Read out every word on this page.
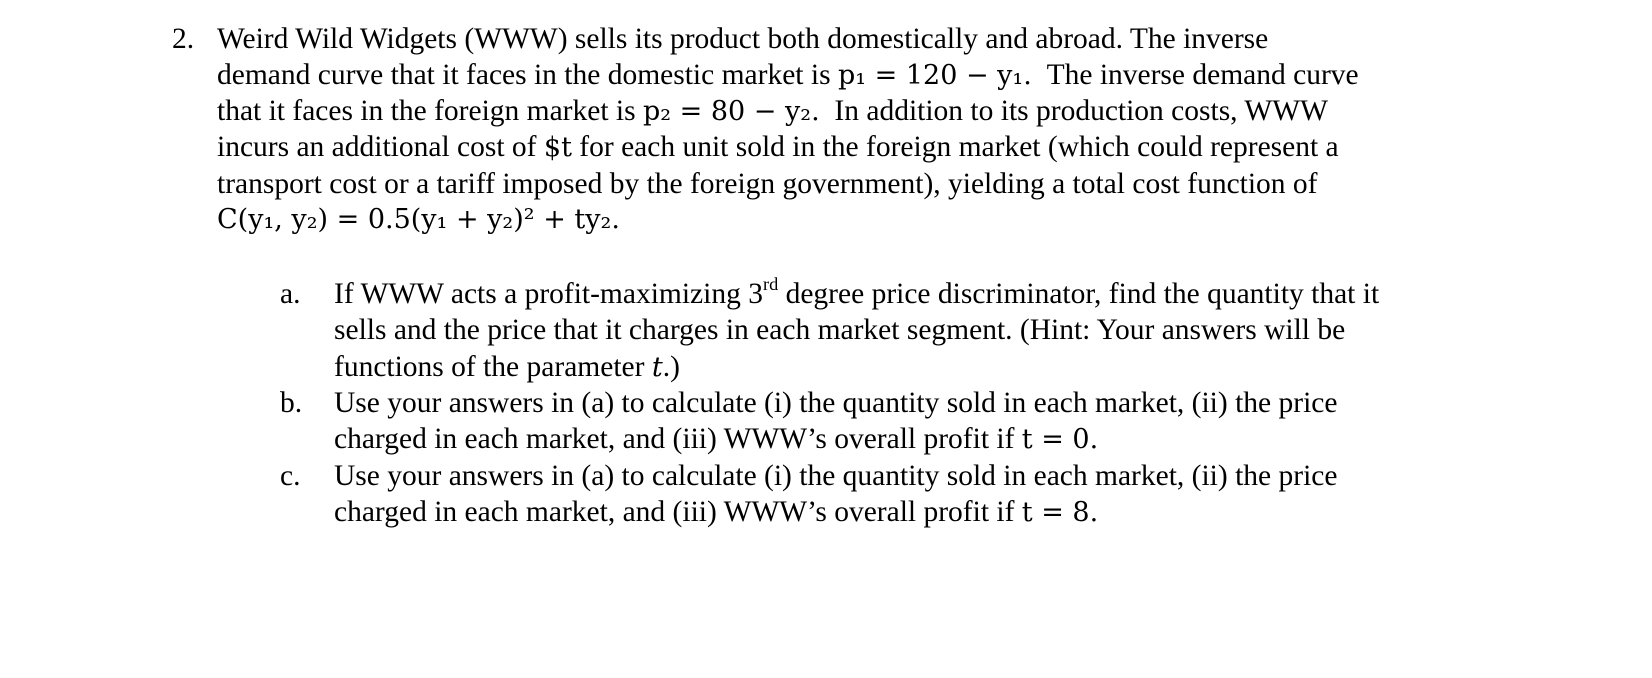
2. Weird Wild Widgets (WWW) sells its product both domestically and abroad. The inverse
demand curve that it faces in the domestic market is p₁ = 120 − y₁. The inverse demand curve
that it faces in the foreign market is p₂ = 80 − y₂. In addition to its production costs, WWW
incurs an additional cost of $t for each unit sold in the foreign market (which could represent a
transport cost or a tariff imposed by the foreign government), yielding a total cost function of
C(y₁, y₂) = 0.5(y₁ + y₂)² + ty₂.
a. If WWW acts a profit-maximizing 3rd degree price discriminator, find the quantity that it
sells and the price that it charges in each market segment. (Hint: Your answers will be
functions of the parameter t.)
b. Use your answers in (a) to calculate (i) the quantity sold in each market, (ii) the price
charged in each market, and (iii) WWW’s overall profit if t = 0.
c. Use your answers in (a) to calculate (i) the quantity sold in each market, (ii) the price
charged in each market, and (iii) WWW’s overall profit if t = 8.
